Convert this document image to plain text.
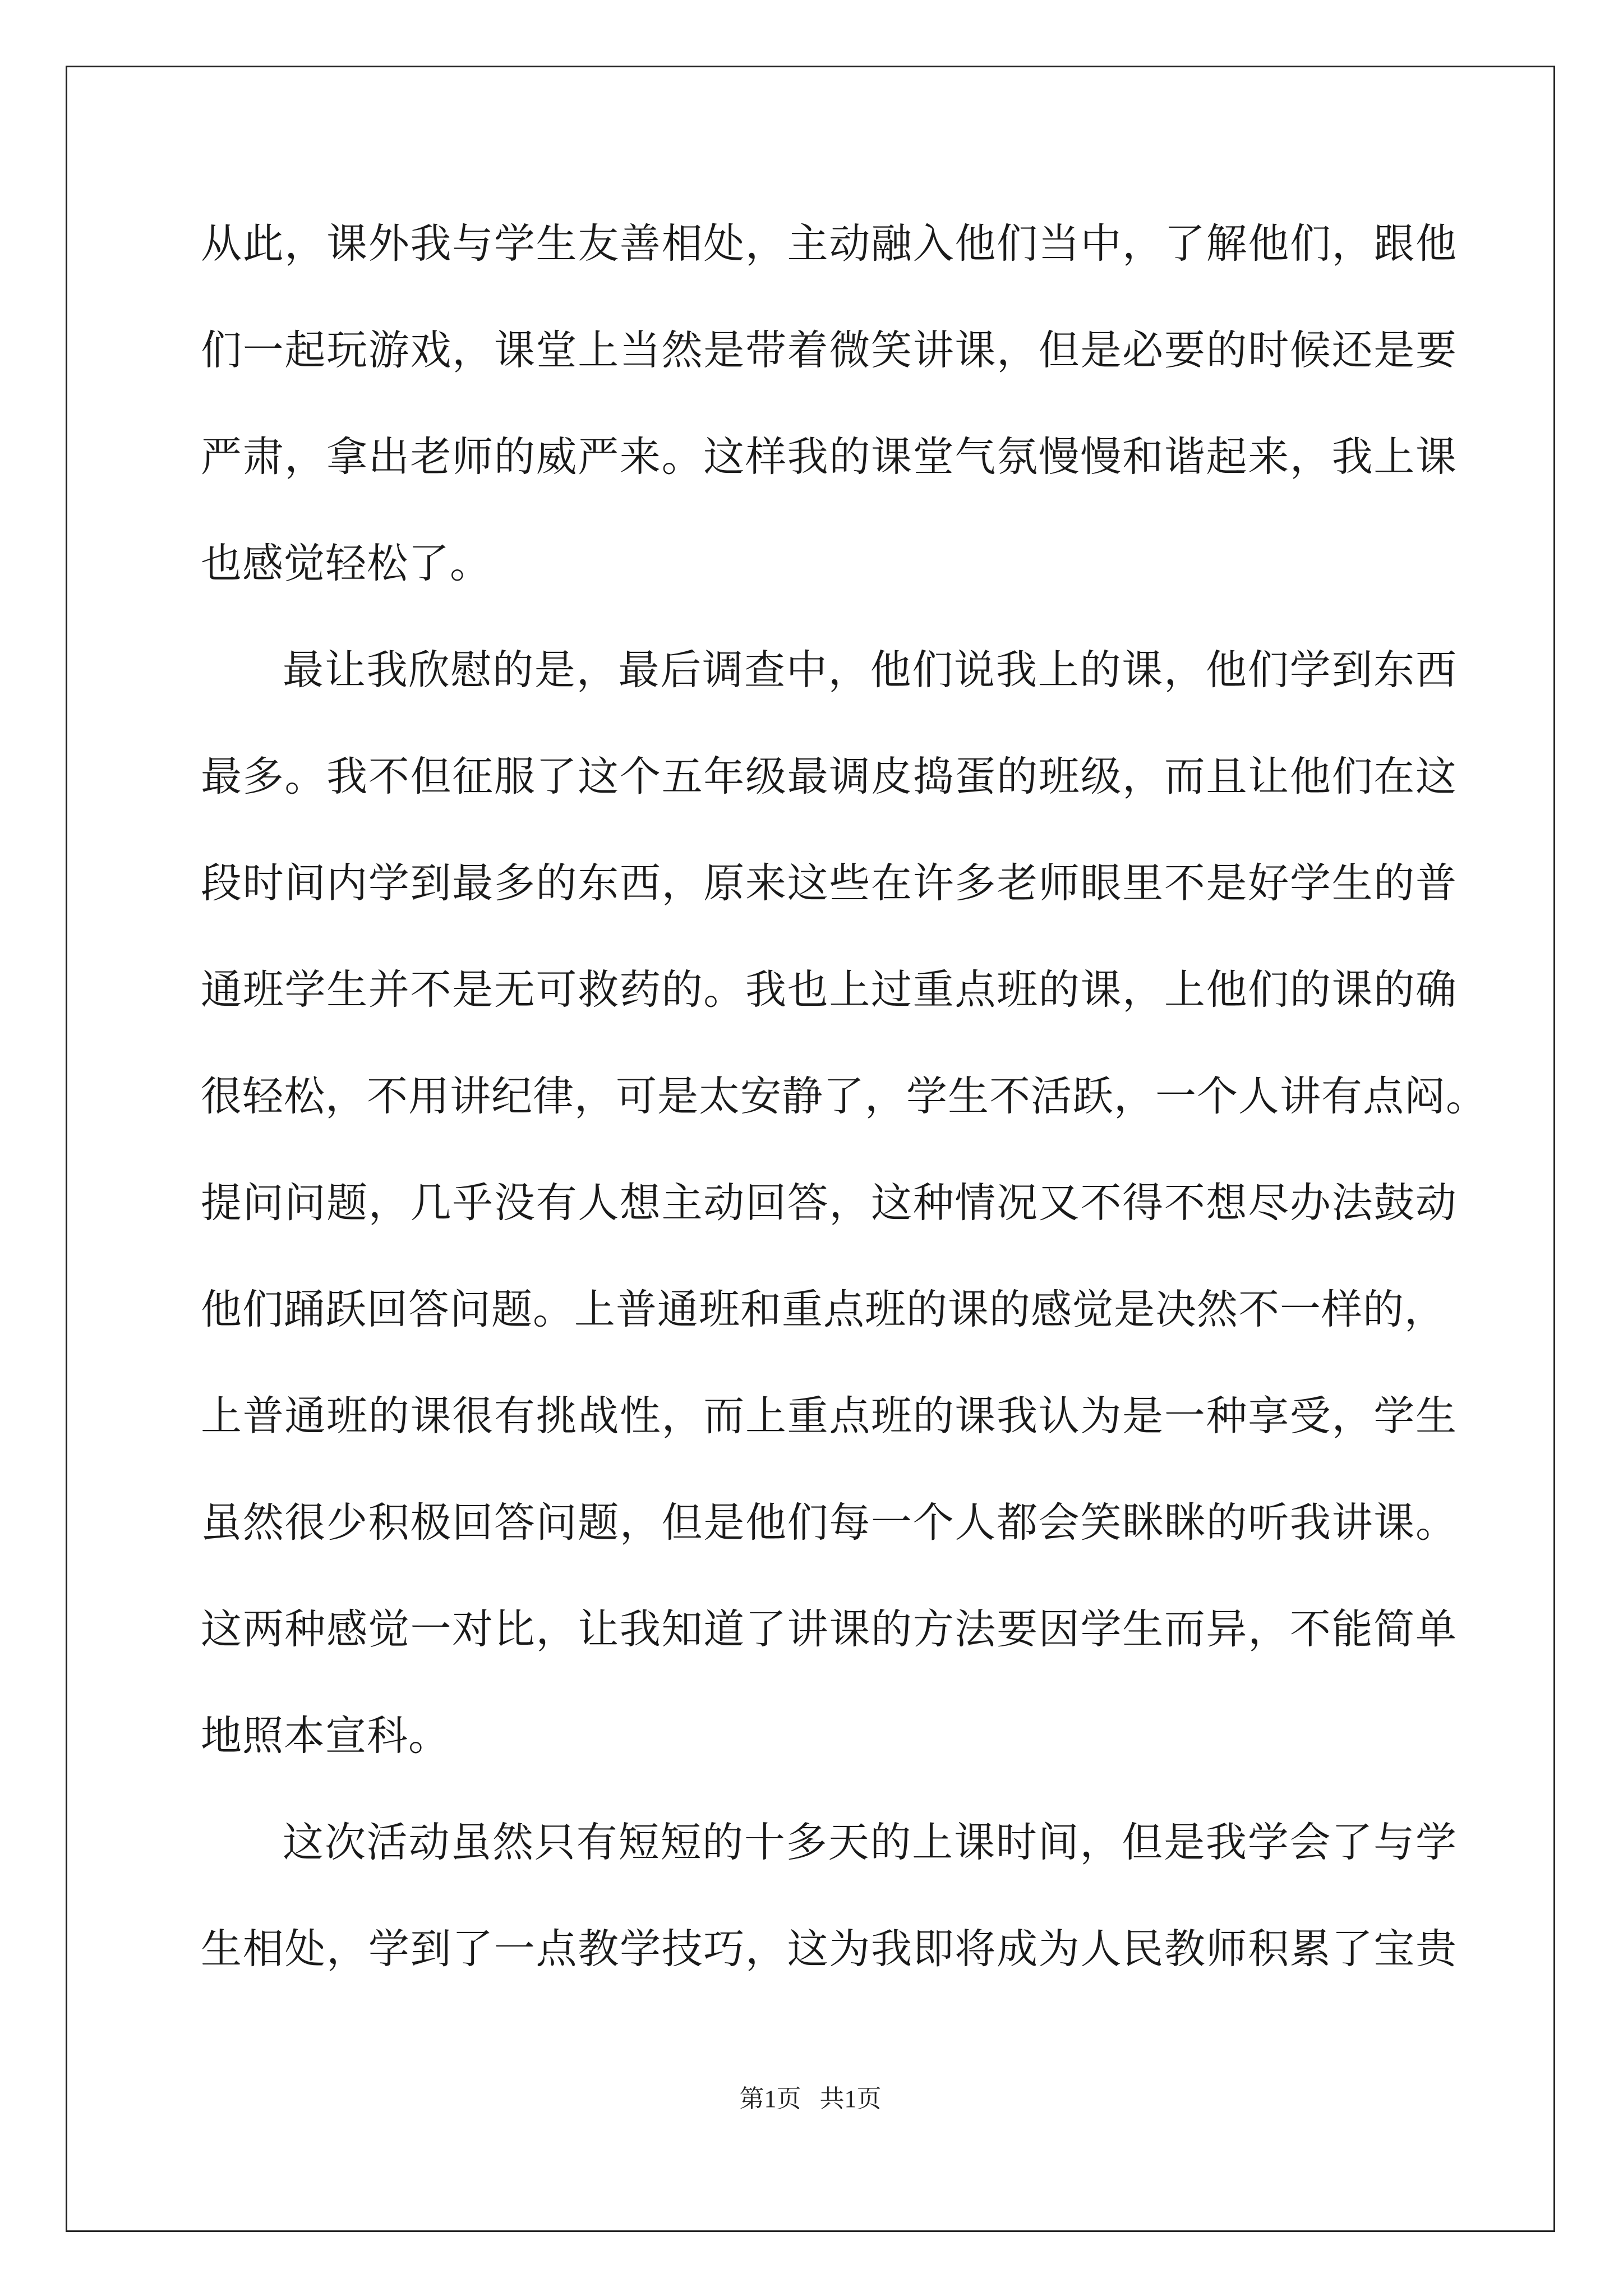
从此，课外我与学生友善相处，主动融入他们当中，了解他们，跟他
们一起玩游戏，课堂上当然是带着微笑讲课，但是必要的时候还是要
严肃，拿出老师的威严来。这样我的课堂气氛慢慢和谐起来，我上课
也感觉轻松了。
最让我欣慰的是，最后调查中，他们说我上的课，他们学到东西
最多。我不但征服了这个五年级最调皮捣蛋的班级，而且让他们在这
段时间内学到最多的东西，原来这些在许多老师眼里不是好学生的普
通班学生并不是无可救药的。我也上过重点班的课，上他们的课的确
很轻松，不用讲纪律，可是太安静了，学生不活跃，一个人讲有点闷。
提问问题，几乎没有人想主动回答，这种情况又不得不想尽办法鼓动
他们踊跃回答问题。上普通班和重点班的课的感觉是决然不一样的，
上普通班的课很有挑战性，而上重点班的课我认为是一种享受，学生
虽然很少积极回答问题，但是他们每一个人都会笑眯眯的听我讲课。
这两种感觉一对比，让我知道了讲课的方法要因学生而异，不能简单
地照本宣科。
这次活动虽然只有短短的十多天的上课时间，但是我学会了与学
生相处，学到了一点教学技巧，这为我即将成为人民教师积累了宝贵
第1页   共1页
